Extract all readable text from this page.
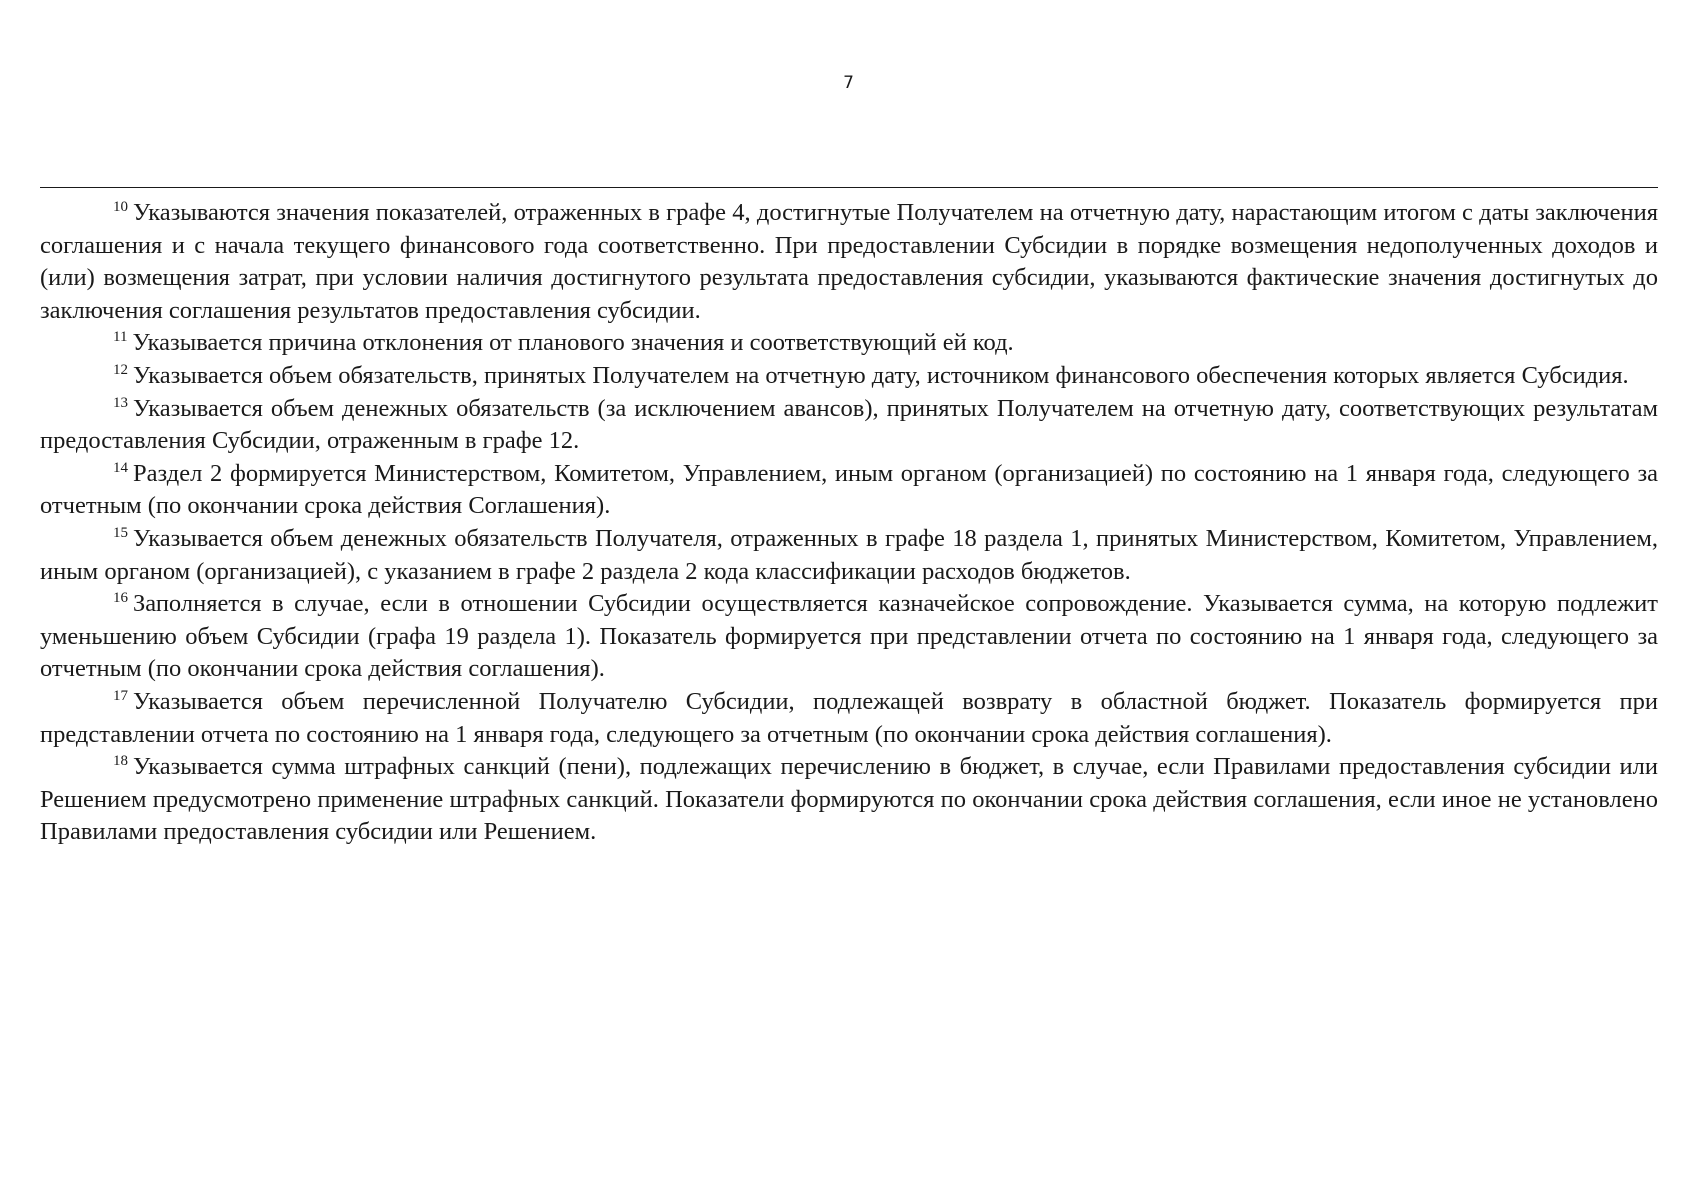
7

$^{10}$ Указываются значения показателей, отраженных в графе 4, достигнутые Получателем на отчетную дату, нарастающим итогом с даты заключения соглашения и с начала текущего финансового года соответственно. При предоставлении Субсидии в порядке возмещения недополученных доходов и (или) возмещения затрат, при условии наличия достигнутого результата предоставления субсидии, указываются фактические значения достигнутых до заключения соглашения результатов предоставления субсидии.

$^{11}$ Указывается причина отклонения от планового значения и соответствующий ей код.

$^{12}$ Указывается объем обязательств, принятых Получателем на отчетную дату, источником финансового обеспечения которых является Субсидия.

$^{13}$ Указывается объем денежных обязательств (за исключением авансов), принятых Получателем на отчетную дату, соответствующих результатам предоставления Субсидии, отраженным в графе 12.

$^{14}$ Раздел 2 формируется Министерством, Комитетом, Управлением, иным органом (организацией) по состоянию на 1 января года, следующего за отчетным (по окончании срока действия Соглашения).

$^{15}$ Указывается объем денежных обязательств Получателя, отраженных в графе 18 раздела 1, принятых Министерством, Комитетом, Управлением, иным органом (организацией), с указанием в графе 2 раздела 2 кода классификации расходов бюджетов.

$^{16}$ Заполняется в случае, если в отношении Субсидии осуществляется казначейское сопровождение. Указывается сумма, на которую подлежит уменьшению объем Субсидии (графа 19 раздела 1). Показатель формируется при представлении отчета по состоянию на 1 января года, следующего за отчетным (по окончании срока действия соглашения).

$^{17}$ Указывается объем перечисленной Получателю Субсидии, подлежащей возврату в областной бюджет. Показатель формируется при представлении отчета по состоянию на 1 января года, следующего за отчетным (по окончании срока действия соглашения).

$^{18}$ Указывается сумма штрафных санкций (пени), подлежащих перечислению в бюджет, в случае, если Правилами предоставления субсидии или Решением предусмотрено применение штрафных санкций. Показатели формируются по окончании срока действия соглашения, если иное не установлено Правилами предоставления субсидии или Решением.
